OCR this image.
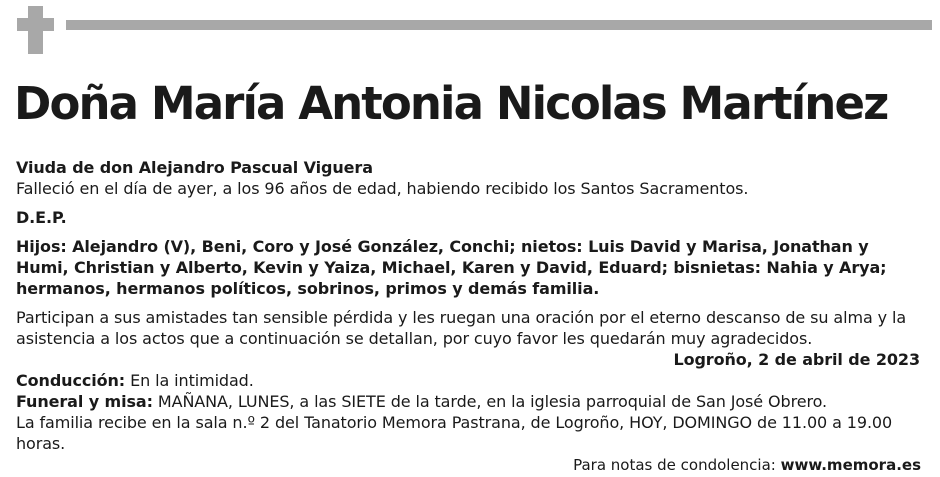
Doña María Antonia Nicolas Martínez

Viuda de don Alejandro Pascual Viguera

Falleció en el día de ayer, a los 96 años de edad, habiendo recibido los Santos Sacramentos.

D.E.P.

Hijos: Alejandro (V), Beni, Coro y José González, Conchi; nietos: Luis David y Marisa, Jonathan y Humi, Christian y Alberto, Kevin y Yaiza, Michael, Karen y David, Eduard; bisnietas: Nahia y Arya; hermanos, hermanos políticos, sobrinos, primos y demás familia.

Participan a sus amistades tan sensible pérdida y les ruegan una oración por el eterno descanso de su alma y la asistencia a los actos que a continuación se detallan, por cuyo favor les quedarán muy agradecidos.

Logroño, 2 de abril de 2023

Conducción: En la intimidad.

Funeral y misa: MAÑANA, LUNES, a las SIETE de la tarde, en la iglesia parroquial de San José Obrero.

La familia recibe en la sala n.º 2 del Tanatorio Memora Pastrana, de Logroño, HOY, DOMINGO de 11.00 a 19.00 horas.

Para notas de condolencia: www.memora.es
